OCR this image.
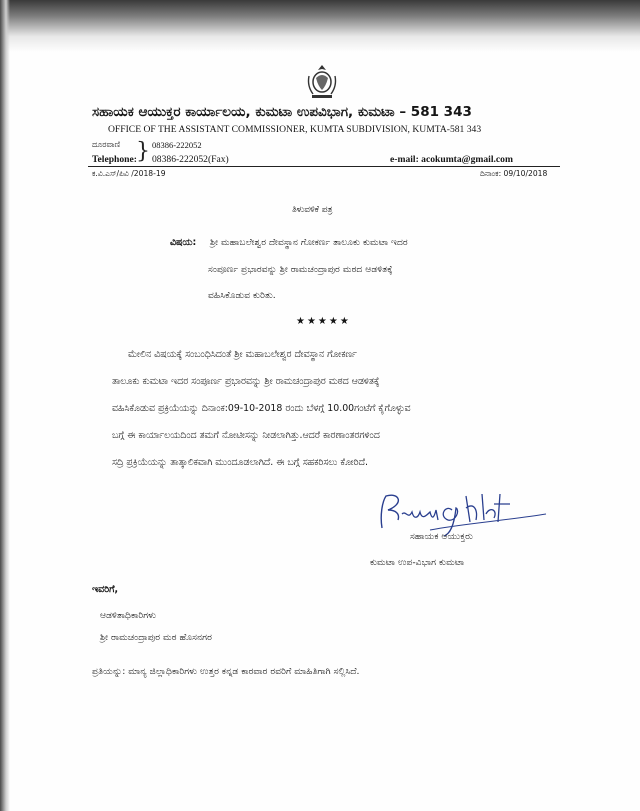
ಸಹಾಯಕ ಆಯುಕ್ತರ ಕಾರ್ಯಾಲಯ, ಕುಮಟಾ ಉಪವಿಭಾಗ, ಕುಮಟಾ – 581 343
OFFICE OF THE ASSISTANT COMMISSIONER, KUMTA SUBDIVISION, KUMTA-581 343
ದೂರವಾಣಿ } 08386-222052
Telephone: 08386-222052(Fax)	e-mail: acokumta@gmail.com
ಕ.ವಿ.ಎಸ್/ಪಿವಿ /2018-19	ದಿನಾಂಕ: 09/10/2018
ತಿಳುವಳಿಕೆ ಪತ್ರ
ವಿಷಯ: ಶ್ರೀ ಮಹಾಬಲೇಶ್ವರ ದೇವಸ್ಥಾನ ಗೋಕರ್ಣ ತಾಲೂಕು ಕುಮಟಾ ಇದರ
ಸಂಪೂರ್ಣ ಪ್ರಭಾರವನ್ನು ಶ್ರೀ ರಾಮಚಂದ್ರಾಪುರ ಮಠದ ಆಡಳಿತಕ್ಕೆ
ವಹಿಸಿಕೊಡುವ ಕುರಿತು.
★★★★★
ಮೇಲಿನ ವಿಷಯಕ್ಕೆ ಸಂಬಂಧಿಸಿದಂತೆ ಶ್ರೀ ಮಹಾಬಲೇಶ್ವರ ದೇವಸ್ಥಾನ ಗೋಕರ್ಣ
ತಾಲೂಕು ಕುಮಟಾ ಇದರ ಸಂಪೂರ್ಣ ಪ್ರಭಾರವನ್ನು ಶ್ರೀ ರಾಮಚಂದ್ರಾಪುರ ಮಠದ ಆಡಳಿತಕ್ಕೆ
ವಹಿಸಿಕೊಡುವ ಪ್ರಕ್ರಿಯೆಯನ್ನು ದಿನಾಂಕ:09-10-2018 ರಂದು ಬೆಳಗ್ಗೆ 10.00ಗಂಟೆಗೆ ಕೈಗೊಳ್ಳುವ
ಬಗ್ಗೆ ಈ ಕಾರ್ಯಾಲಯದಿಂದ ತಮಗೆ ನೋಟೀಸನ್ನು ನೀಡಲಾಗಿತ್ತು.ಆದರೆ ಕಾರಣಾಂತರಗಳಿಂದ
ಸದ್ರಿ ಪ್ರಕ್ರಿಯೆಯನ್ನು ತಾತ್ಕಾಲಿಕವಾಗಿ ಮುಂದೂಡಲಾಗಿದೆ. ಈ ಬಗ್ಗೆ ಸಹಕರಿಸಲು ಕೋರಿದೆ.
ಸಹಾಯಕ ಆಯುಕ್ತರು
ಕುಮಟಾ ಉಪ-ವಿಭಾಗ ಕುಮಟಾ
ಇವರಿಗೆ,
ಆಡಳಿತಾಧಿಕಾರಿಗಳು
ಶ್ರೀ ರಾಮಚಂದ್ರಾಪುರ ಮಠ ಹೊಸನಗರ
ಪ್ರತಿಯನ್ನು: ಮಾನ್ಯ ಜಿಲ್ಲಾಧಿಕಾರಿಗಳು ಉತ್ತರ ಕನ್ನಡ ಕಾರವಾರ ರವರಿಗೆ ಮಾಹಿತಿಗಾಗಿ ಸಲ್ಲಿಸಿದೆ.
